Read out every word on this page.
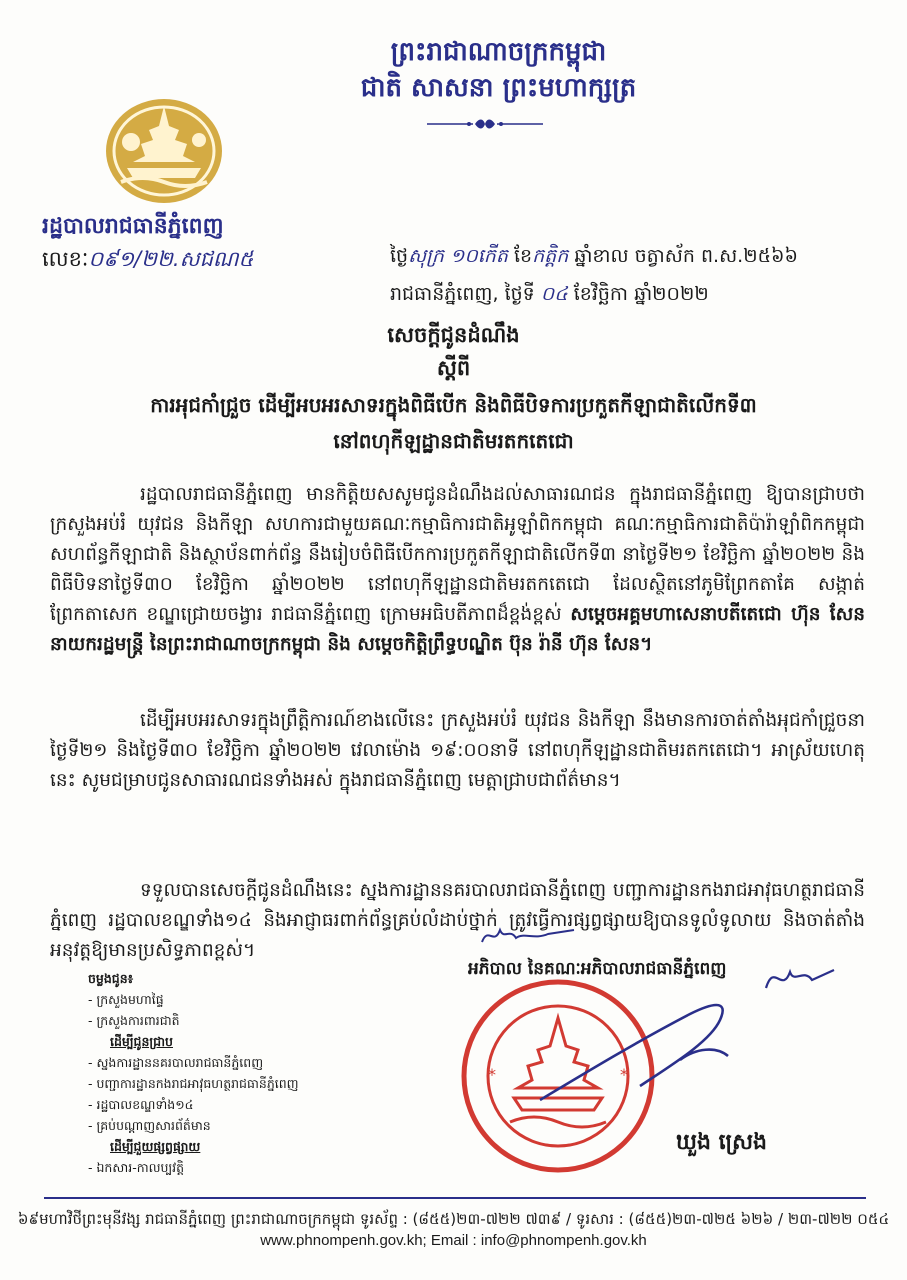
ព្រះរាជាណាចក្រកម្ពុជា
ជាតិ សាសនា ព្រះមហាក្សត្រ
រដ្ឋបាលរាជធានីភ្នំពេញ
លេខៈ០៩១/២២.សជណ៥	ថ្ងៃសុក្រ ១០កើត ខែកត្តិក ឆ្នាំខាល ចត្វាស័ក ព.ស.២៥៦៦
រាជធានីភ្នំពេញ, ថ្ងៃទី ០៤ ខែវិច្ឆិកា ឆ្នាំ២០២២
សេចក្ដីជូនដំណឹង
ស្ដីពី
ការអុជកាំជ្រួច ដើម្បីអបអរសាទរក្នុងពិធីបើក និងពិធីបិទការប្រកួតកីឡាជាតិលើកទី៣
នៅពហុកីឡដ្ឋានជាតិមរតកតេជោ
រដ្ឋបាលរាជធានីភ្នំពេញ មានកិត្តិយសសូមជូនដំណឹងដល់សាធារណជន ក្នុងរាជធានីភ្នំពេញ ឱ្យបានជ្រាបថា ក្រសួងអប់រំ យុវជន និងកីឡា សហការជាមួយគណៈកម្មាធិការជាតិអូឡាំពិកកម្ពុជា គណៈកម្មាធិការជាតិប៉ារ៉ាឡាំពិកកម្ពុជា សហព័ន្ធកីឡាជាតិ និងស្ថាប័នពាក់ព័ន្ធ នឹងរៀបចំពិធីបើកការប្រកួតកីឡាជាតិលើកទី៣ នាថ្ងៃទី២១ ខែវិច្ឆិកា ឆ្នាំ២០២២ និងពិធីបិទនាថ្ងៃទី៣០ ខែវិច្ឆិកា ឆ្នាំ២០២២ នៅពហុកីឡដ្ឋានជាតិមរតកតេជោ ដែលស្ថិតនៅភូមិព្រែកតាគែ សង្កាត់ព្រែកតាសេក ខណ្ឌជ្រោយចង្វារ រាជធានីភ្នំពេញ ក្រោមអធិបតីភាពដ៏ខ្ពង់ខ្ពស់ សម្ដេចអគ្គមហាសេនាបតីតេជោ ហ៊ុន សែន នាយករដ្ឋមន្ត្រី នៃព្រះរាជាណាចក្រកម្ពុជា និង សម្ដេចកិត្តិព្រឹទ្ធបណ្ឌិត ប៊ុន រ៉ានី ហ៊ុន សែន។
ដើម្បីអបអរសាទរក្នុងព្រឹត្តិការណ៍ខាងលើនេះ ក្រសួងអប់រំ យុវជន និងកីឡា នឹងមានការចាត់តាំងអុជកាំជ្រួចនាថ្ងៃទី២១ និងថ្ងៃទី៣០ ខែវិច្ឆិកា ឆ្នាំ២០២២ វេលាម៉ោង ១៩:០០នាទី នៅពហុកីឡដ្ឋានជាតិមរតកតេជោ។ អាស្រ័យហេតុនេះ សូមជម្រាបជូនសាធារណជនទាំងអស់ ក្នុងរាជធានីភ្នំពេញ មេត្តាជ្រាបជាព័ត៌មាន។
ទទួលបានសេចក្ដីជូនដំណឹងនេះ ស្នងការដ្ឋាននគរបាលរាជធានីភ្នំពេញ បញ្ជាការដ្ឋានកងរាជអាវុធហត្ថរាជធានីភ្នំពេញ រដ្ឋបាលខណ្ឌទាំង១៤ និងអាជ្ញាធរពាក់ព័ន្ធគ្រប់លំដាប់ថ្នាក់ ត្រូវធ្វើការផ្សព្វផ្សាយឱ្យបានទូលំទូលាយ និងចាត់តាំងអនុវត្តឱ្យមានប្រសិទ្ធភាពខ្ពស់។
ចម្លងជូន៖
- ក្រសួងមហាផ្ទៃ
- ក្រសួងការពារជាតិ
ដើម្បីជូនជ្រាប
- ស្នងការដ្ឋាននគរបាលរាជធានីភ្នំពេញ
- បញ្ជាការដ្ឋានកងរាជអាវុធហត្ថរាជធានីភ្នំពេញ
- រដ្ឋបាលខណ្ឌទាំង១៤
- គ្រប់បណ្ដាញសារព័ត៌មាន
ដើម្បីជួយផ្សព្វផ្សាយ
- ឯកសារ-កាលប្បវត្តិ
អភិបាល នៃគណៈអភិបាលរាជធានីភ្នំពេញ
*	*
ឃួង ស្រេង
៦៩មហាវិថីព្រះមុនីវង្ស រាជធានីភ្នំពេញ ព្រះរាជាណាចក្រកម្ពុជា ទូរស័ព្ទ : (៨៥៥)២៣-៧២២ ៧៣៩ / ទូរសារ : (៨៥៥)២៣-៧២៥ ៦២៦ / ២៣-៧២២ ០៥៤
www.phnompenh.gov.kh; Email : info@phnompenh.gov.kh
